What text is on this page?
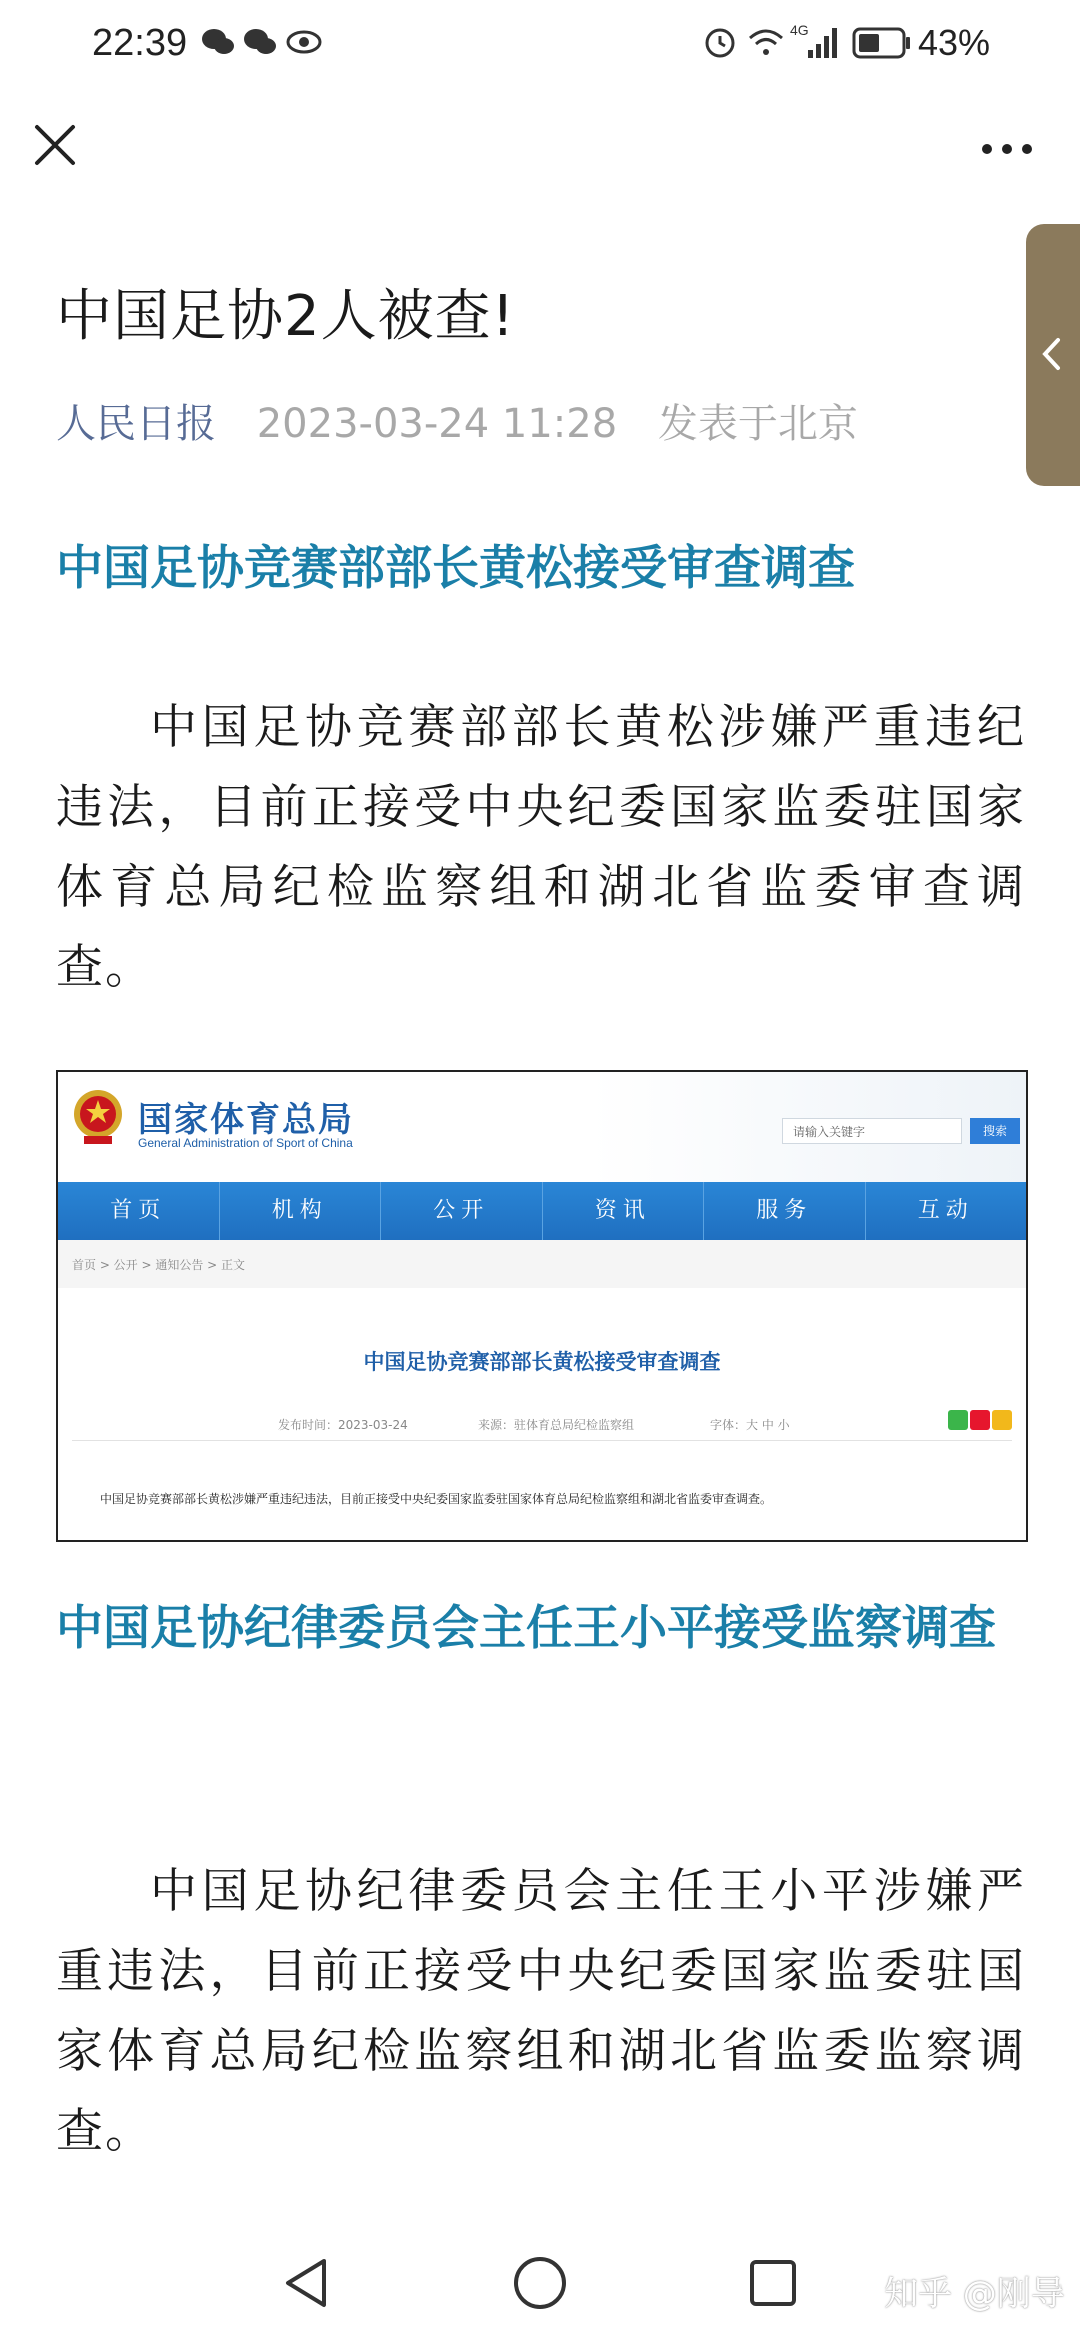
22:39	4G	43%
中国足协2人被查!
人民日报 2023-03-24 11:28 发表于北京
中国足协竞赛部部长黄松接受审查调查
中国足协竞赛部部长黄松涉嫌严重违纪违法，目前正接受中央纪委国家监委驻国家体育总局纪检监察组和湖北省监委审查调查。
国家体育总局
General Administration of Sport of China
请输入关键字	搜索
首页	机构	公开	资讯	服务	互动
首页 > 公开 > 通知公告 > 正文
中国足协竞赛部部长黄松接受审查调查
发布时间：2023-03-24	来源：驻体育总局纪检监察组	字体：大 中 小
中国足协竞赛部部长黄松涉嫌严重违纪违法，目前正接受中央纪委国家监委驻国家体育总局纪检监察组和湖北省监委审查调查。
中国足协纪律委员会主任王小平接受监察调查
中国足协纪律委员会主任王小平涉嫌严重违法，目前正接受中央纪委国家监委驻国家体育总局纪检监察组和湖北省监委监察调查。
知乎 @刚导
